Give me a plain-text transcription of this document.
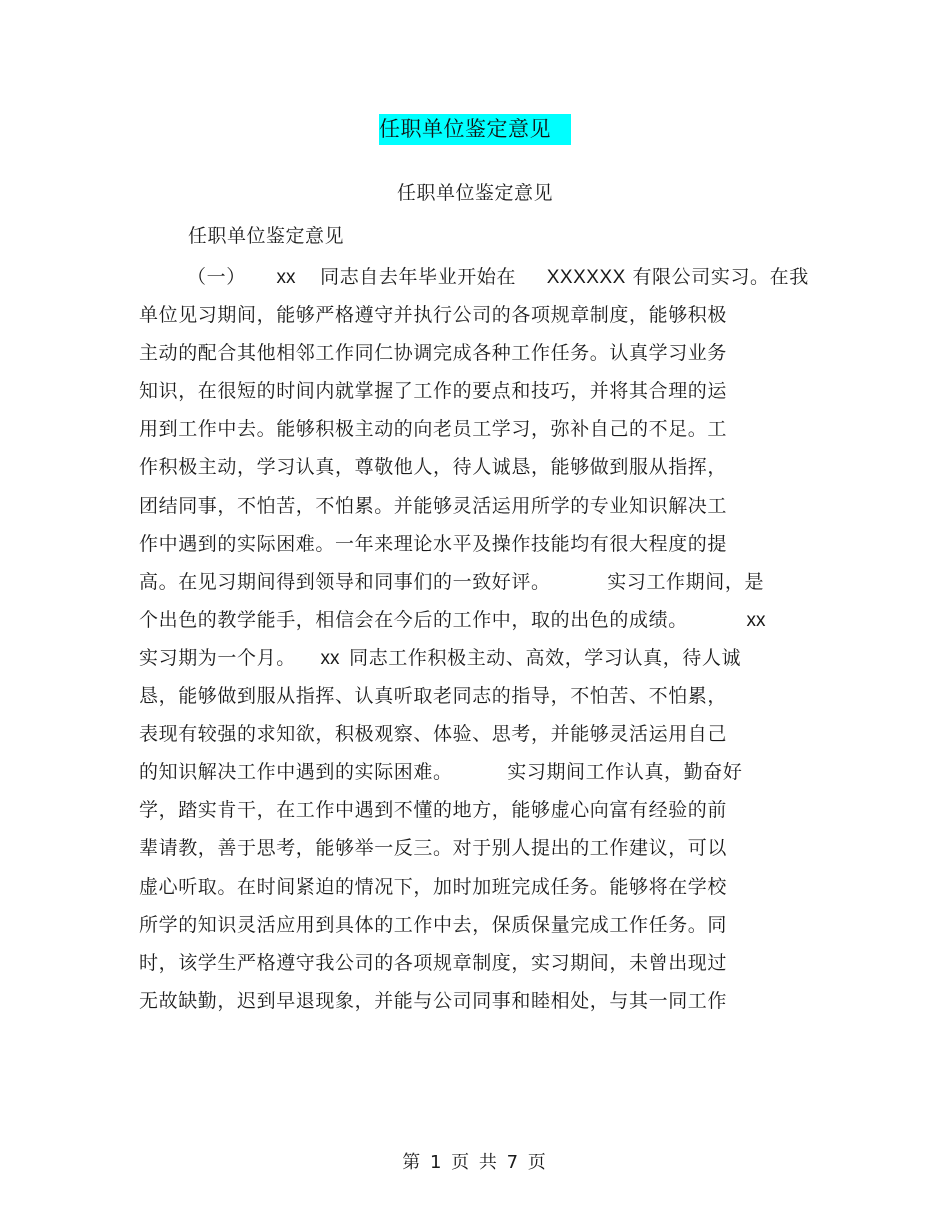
任职单位鉴定意见
任职单位鉴定意见
任职单位鉴定意见
（一） xx 同志自去年毕业开始在 XXXXXX 有限公司实习。在我
单位见习期间，能够严格遵守并执行公司的各项规章制度，能够积极
主动的配合其他相邻工作同仁协调完成各种工作任务。认真学习业务
知识，在很短的时间内就掌握了工作的要点和技巧，并将其合理的运
用到工作中去。能够积极主动的向老员工学习，弥补自己的不足。工
作积极主动，学习认真，尊敬他人，待人诚恳，能够做到服从指挥，
团结同事，不怕苦，不怕累。并能够灵活运用所学的专业知识解决工
作中遇到的实际困难。一年来理论水平及操作技能均有很大程度的提
高。在见习期间得到领导和同事们的一致好评。	实习工作期间，是
个出色的教学能手，相信会在今后的工作中，取的出色的成绩。	xx
实习期为一个月。 xx 同志工作积极主动、高效，学习认真，待人诚
恳，能够做到服从指挥、认真听取老同志的指导，不怕苦、不怕累，
表现有较强的求知欲，积极观察、体验、思考，并能够灵活运用自己
的知识解决工作中遇到的实际困难。	实习期间工作认真，勤奋好
学，踏实肯干，在工作中遇到不懂的地方，能够虚心向富有经验的前
辈请教，善于思考，能够举一反三。对于别人提出的工作建议，可以
虚心听取。在时间紧迫的情况下，加时加班完成任务。能够将在学校
所学的知识灵活应用到具体的工作中去，保质保量完成工作任务。同
时，该学生严格遵守我公司的各项规章制度，实习期间，未曾出现过
无故缺勤，迟到早退现象，并能与公司同事和睦相处，与其一同工作
第 1 页 共 7 页
